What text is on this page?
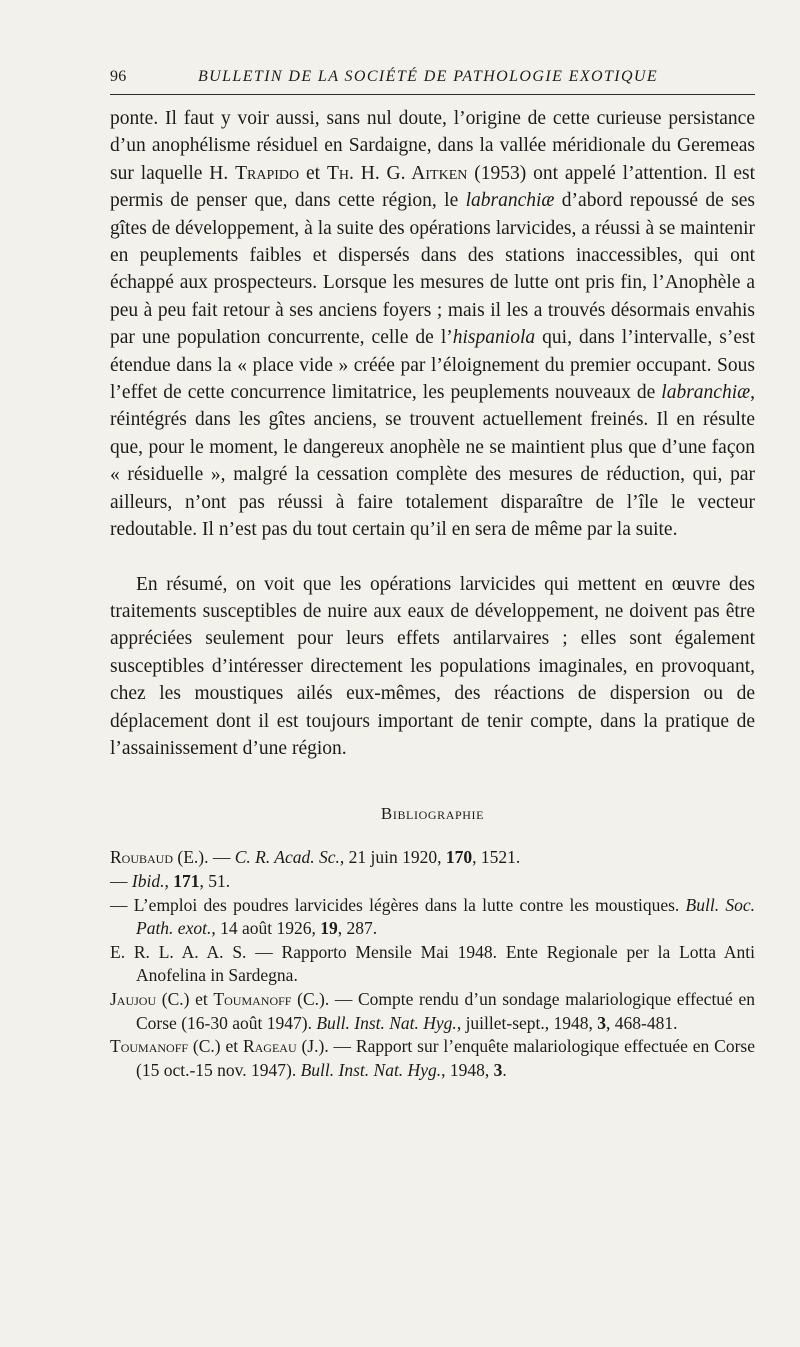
96	BULLETIN DE LA SOCIÉTÉ DE PATHOLOGIE EXOTIQUE

ponte. Il faut y voir aussi, sans nul doute, l’origine de cette curieuse persistance d’un anophélisme résiduel en Sardaigne, dans la vallée méridionale du Geremeas sur laquelle H. Trapido et Th. H. G. Aitken (1953) ont appelé l’attention. Il est permis de penser que, dans cette région, le labranchiæ d’abord repoussé de ses gîtes de développement, à la suite des opérations larvicides, a réussi à se maintenir en peuplements faibles et dispersés dans des stations inaccessibles, qui ont échappé aux prospecteurs. Lorsque les mesures de lutte ont pris fin, l’Anophèle a peu à peu fait retour à ses anciens foyers ; mais il les a trouvés désormais envahis par une population concurrente, celle de l’hispaniola qui, dans l’intervalle, s’est étendue dans la « place vide » créée par l’éloignement du premier occupant. Sous l’effet de cette concurrence limitatrice, les peuplements nouveaux de labranchiæ, réintégrés dans les gîtes anciens, se trouvent actuellement freinés. Il en résulte que, pour le moment, le dangereux anophèle ne se maintient plus que d’une façon « résiduelle », malgré la cessation complète des mesures de réduction, qui, par ailleurs, n’ont pas réussi à faire totalement disparaître de l’île le vecteur redoutable. Il n’est pas du tout certain qu’il en sera de même par la suite.

En résumé, on voit que les opérations larvicides qui mettent en œuvre des traitements susceptibles de nuire aux eaux de développement, ne doivent pas être appréciées seulement pour leurs effets antilarvaires ; elles sont également susceptibles d’intéresser directement les populations imaginales, en provoquant, chez les moustiques ailés eux-mêmes, des réactions de dispersion ou de déplacement dont il est toujours important de tenir compte, dans la pratique de l’assainissement d’une région.

Bibliographie

Roubaud (E.). — C. R. Acad. Sc., 21 juin 1920, 170, 1521.

— Ibid., 171, 51.

— L’emploi des poudres larvicides légères dans la lutte contre les moustiques. Bull. Soc. Path. exot., 14 août 1926, 19, 287.

E. R. L. A. A. S. — Rapporto Mensile Mai 1948. Ente Regionale per la Lotta Anti Anofelina in Sardegna.

Jaujou (C.) et Toumanoff (C.). — Compte rendu d’un sondage malariologique effectué en Corse (16-30 août 1947). Bull. Inst. Nat. Hyg., juillet-sept., 1948, 3, 468-481.

Toumanoff (C.) et Rageau (J.). — Rapport sur l’enquête malariologique effectuée en Corse (15 oct.-15 nov. 1947). Bull. Inst. Nat. Hyg., 1948, 3.
